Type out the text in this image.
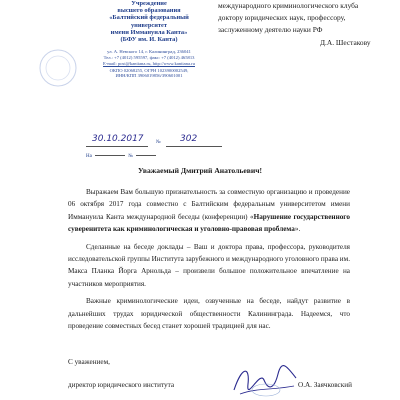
Учреждение
высшего образования
«Балтийский федеральный
университет
имени Иммануила Канта»
(БФУ им. И. Канта)
ул. А. Невского 14, г. Калининград, 236041
Тел.: +7 (4012) 595597, факс: +7 (4012) 465813
E-mail: post@kantiana.ru, http://www.kantiana.ru
ОКПО 02068255, ОГРН 1023900002549,
ИНН/КПП 3906019856/390601001
30.10.2017 № 302
На	№
международного криминологического клуба
доктору юридических наук, профессору,
заслуженному деятелю науки РФ
Д.А. Шестакову
Уважаемый Дмитрий Анатольевич!

Выражаем Вам большую признательность за совместную организацию и проведение 06 октября 2017 года совместно с Балтийским федеральным университетом имени Иммануила Канта международной беседы (конференции) «Нарушение государственного суверенитета как криминологическая и уголовно-правовая проблема».

Сделанные на беседе доклады – Ваш и доктора права, профессора, руководителя исследовательской группы Института зарубежного и международного уголовного права им. Макса Планка Йорга Арнольда – произвели большое положительное впечатление на участников мероприятия.

Важные криминологические идеи, озвученные на беседе, найдут развитие в дальнейших трудах юридической общественности Калининграда. Надеемся, что проведение совместных бесед станет хорошей традицией для нас.

С уважением,
директор юридического института	О.А. Заячковский
